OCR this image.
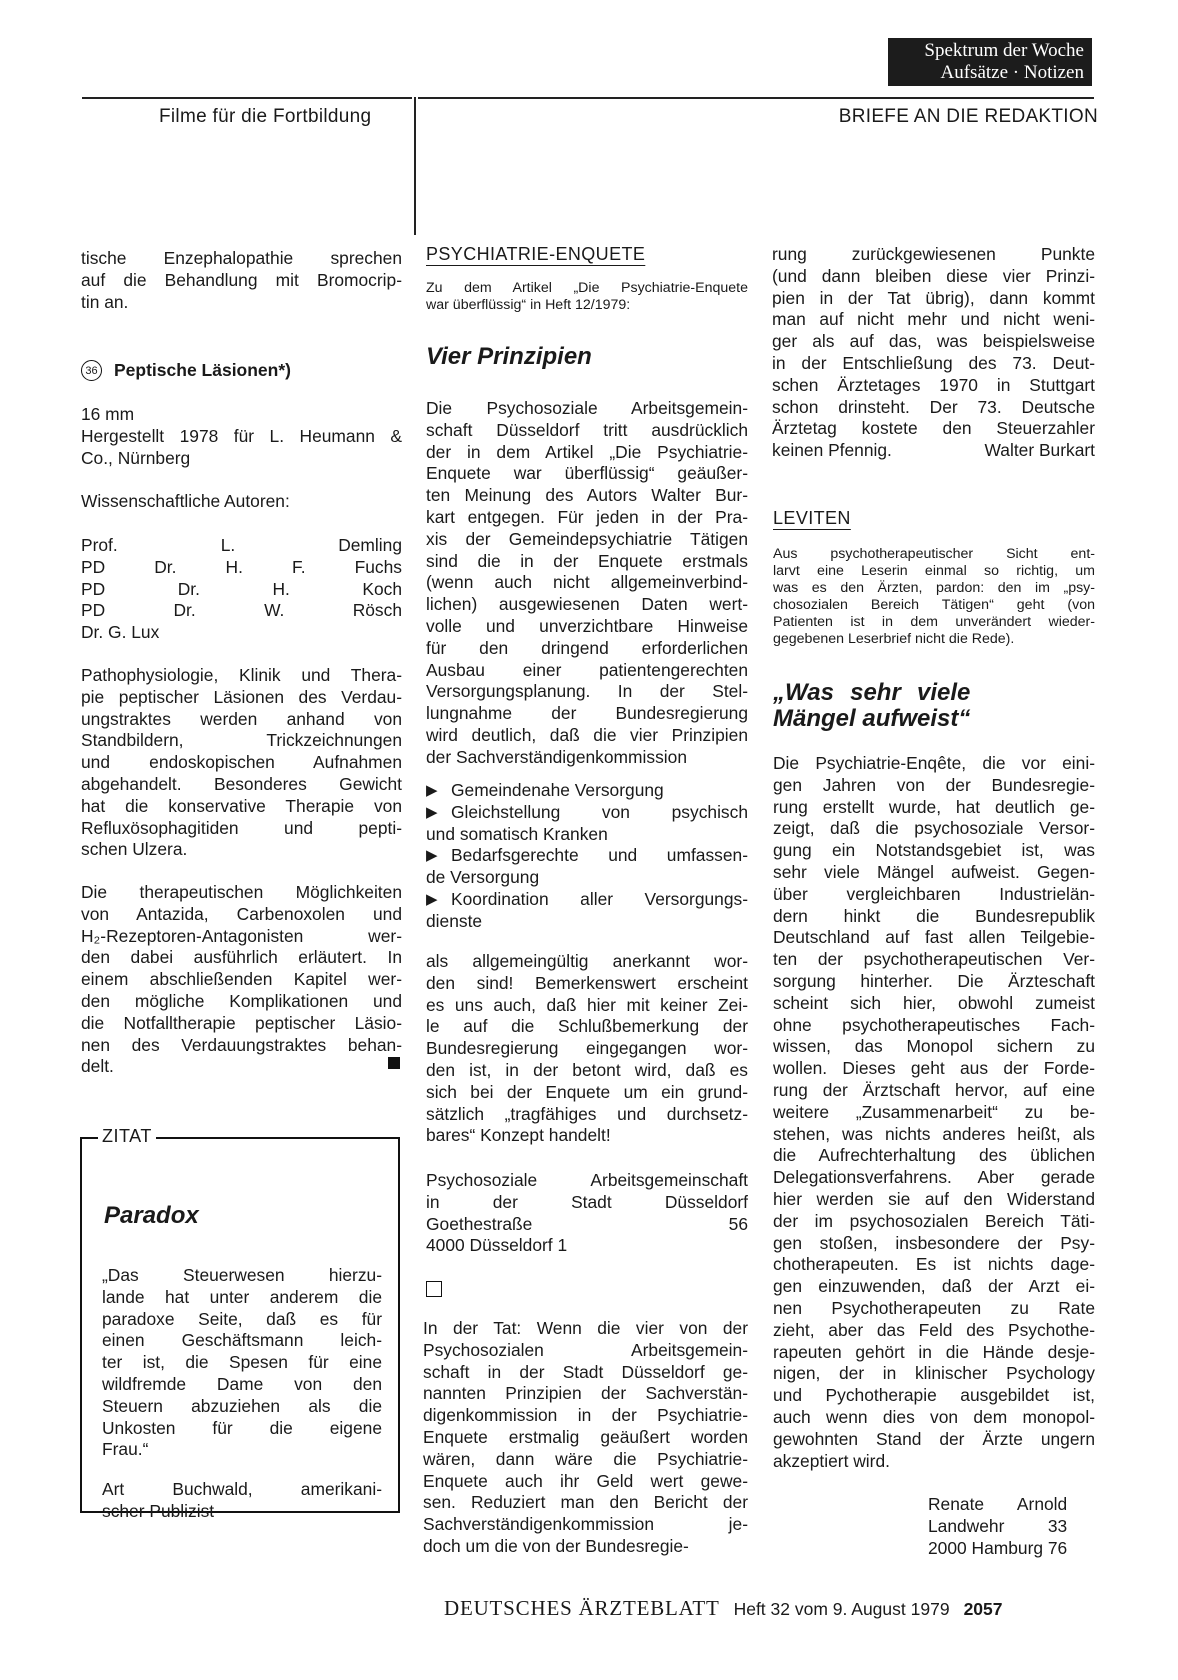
Spektrum der Woche
Aufsätze · Notizen
Filme für die Fortbildung	BRIEFE AN DIE REDAKTION
tische Enzephalopathie sprechen
auf die Behandlung mit Bromocrip-
tin an.
36 Peptische Läsionen*)
16 mm
Hergestellt 1978 für L. Heumann &
Co., Nürnberg
Wissenschaftliche Autoren:
Prof. L. Demling
PD Dr. H. F. Fuchs
PD Dr. H. Koch
PD Dr. W. Rösch
Dr. G. Lux
Pathophysiologie, Klinik und Thera-
pie peptischer Läsionen des Verdau-
ungstraktes werden anhand von
Standbildern, Trickzeichnungen
und endoskopischen Aufnahmen
abgehandelt. Besonderes Gewicht
hat die konservative Therapie von
Refluxösophagitiden und pepti-
schen Ulzera.
Die therapeutischen Möglichkeiten
von Antazida, Carbenoxolen und
H₂-Rezeptoren-Antagonisten wer-
den dabei ausführlich erläutert. In
einem abschließenden Kapitel wer-
den mögliche Komplikationen und
die Notfalltherapie peptischer Läsio-
nen des Verdauungstraktes behan-
delt.
ZITAT
Paradox
„Das Steuerwesen hierzu-
lande hat unter anderem die
paradoxe Seite, daß es für
einen Geschäftsmann leich-
ter ist, die Spesen für eine
wildfremde Dame von den
Steuern abzuziehen als die
Unkosten für die eigene
Frau.“
Art Buchwald, amerikani-
scher Publizist
PSYCHIATRIE-ENQUETE
Zu dem Artikel „Die Psychiatrie-Enquete
war überflüssig“ in Heft 12/1979:
Vier Prinzipien
Die Psychosoziale Arbeitsgemein-
schaft Düsseldorf tritt ausdrücklich
der in dem Artikel „Die Psychiatrie-
Enquete war überflüssig“ geäußer-
ten Meinung des Autors Walter Bur-
kart entgegen. Für jeden in der Pra-
xis der Gemeindepsychiatrie Tätigen
sind die in der Enquete erstmals
(wenn auch nicht allgemeinverbind-
lichen) ausgewiesenen Daten wert-
volle und unverzichtbare Hinweise
für den dringend erforderlichen
Ausbau einer patientengerechten
Versorgungsplanung. In der Stel-
lungnahme der Bundesregierung
wird deutlich, daß die vier Prinzipien
der Sachverständigenkommission
▶ Gemeindenahe Versorgung
▶ Gleichstellung von psychisch
und somatisch Kranken
▶ Bedarfsgerechte und umfassen-
de Versorgung
▶ Koordination aller Versorgungs-
dienste
als allgemeingültig anerkannt wor-
den sind! Bemerkenswert erscheint
es uns auch, daß hier mit keiner Zei-
le auf die Schlußbemerkung der
Bundesregierung eingegangen wor-
den ist, in der betont wird, daß es
sich bei der Enquete um ein grund-
sätzlich „tragfähiges und durchsetz-
bares“ Konzept handelt!
Psychosoziale Arbeitsgemeinschaft
in der Stadt Düsseldorf
Goethestraße 56
4000 Düsseldorf 1
In der Tat: Wenn die vier von der
Psychosozialen Arbeitsgemein-
schaft in der Stadt Düsseldorf ge-
nannten Prinzipien der Sachverstän-
digenkommission in der Psychiatrie-
Enquete erstmalig geäußert worden
wären, dann wäre die Psychiatrie-
Enquete auch ihr Geld wert gewe-
sen. Reduziert man den Bericht der
Sachverständigenkommission je-
doch um die von der Bundesregie-
rung zurückgewiesenen Punkte
(und dann bleiben diese vier Prinzi-
pien in der Tat übrig), dann kommt
man auf nicht mehr und nicht weni-
ger als auf das, was beispielsweise
in der Entschließung des 73. Deut-
schen Ärztetages 1970 in Stuttgart
schon drinsteht. Der 73. Deutsche
Ärztetag kostete den Steuerzahler
keinen Pfennig.	Walter Burkart
LEVITEN
Aus psychotherapeutischer Sicht ent-
larvt eine Leserin einmal so richtig, um
was es den Ärzten, pardon: den im „psy-
chosozialen Bereich Tätigen“ geht (von
Patienten ist in dem unverändert wieder-
gegebenen Leserbrief nicht die Rede).
„Was sehr viele
Mängel aufweist“
Die Psychiatrie-Enqête, die vor eini-
gen Jahren von der Bundesregie-
rung erstellt wurde, hat deutlich ge-
zeigt, daß die psychosoziale Versor-
gung ein Notstandsgebiet ist, was
sehr viele Mängel aufweist. Gegen-
über vergleichbaren Industrielän-
dern hinkt die Bundesrepublik
Deutschland auf fast allen Teilgebie-
ten der psychotherapeutischen Ver-
sorgung hinterher. Die Ärzteschaft
scheint sich hier, obwohl zumeist
ohne psychotherapeutisches Fach-
wissen, das Monopol sichern zu
wollen. Dieses geht aus der Forde-
rung der Ärztschaft hervor, auf eine
weitere „Zusammenarbeit“ zu be-
stehen, was nichts anderes heißt, als
die Aufrechterhaltung des üblichen
Delegationsverfahrens. Aber gerade
hier werden sie auf den Widerstand
der im psychosozialen Bereich Täti-
gen stoßen, insbesondere der Psy-
chotherapeuten. Es ist nichts dage-
gen einzuwenden, daß der Arzt ei-
nen Psychotherapeuten zu Rate
zieht, aber das Feld des Psychothe-
rapeuten gehört in die Hände desje-
nigen, der in klinischer Psychology
und Pychotherapie ausgebildet ist,
auch wenn dies von dem monopol-
gewohnten Stand der Ärzte ungern
akzeptiert wird.
Renate Arnold
Landwehr 33
2000 Hamburg 76
DEUTSCHES ÄRZTEBLATT Heft 32 vom 9. August 1979 2057
